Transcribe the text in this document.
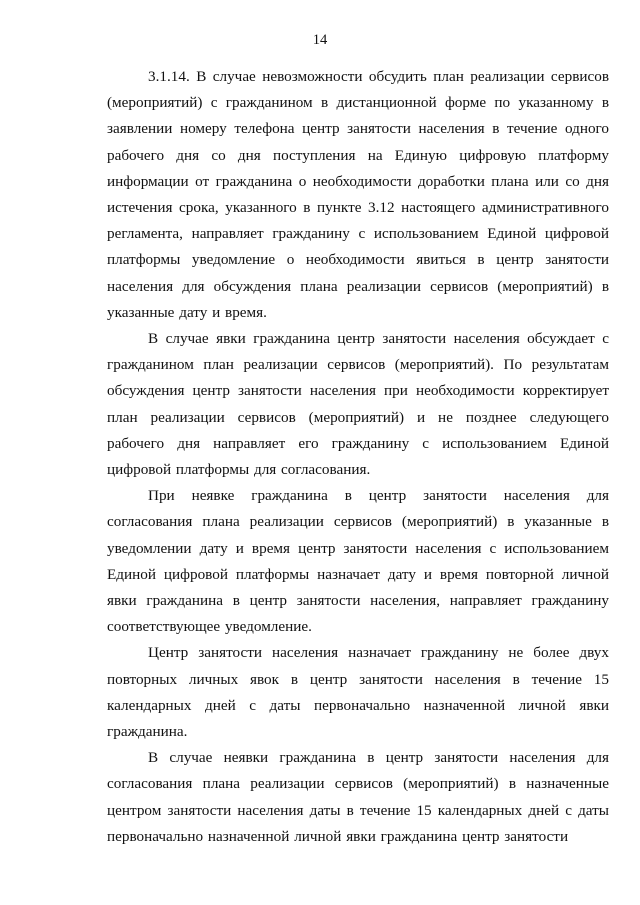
14

3.1.14. В случае невозможности обсудить план реализации сервисов (мероприятий) с гражданином в дистанционной форме по указанному в заявлении номеру телефона центр занятости населения в течение одного рабочего дня со дня поступления на Единую цифровую платформу информации от гражданина о необходимости доработки плана или со дня истечения срока, указанного в пункте 3.12 настоящего административного регламента, направляет гражданину с использованием Единой цифровой платформы уведомление о необходимости явиться в центр занятости населения для обсуждения плана реализации сервисов (мероприятий) в указанные дату и время.

В случае явки гражданина центр занятости населения обсуждает с гражданином план реализации сервисов (мероприятий). По результатам обсуждения центр занятости населения при необходимости корректирует план реализации сервисов (мероприятий) и не позднее следующего рабочего дня направляет его гражданину с использованием Единой цифровой платформы для согласования.

При неявке гражданина в центр занятости населения для согласования плана реализации сервисов (мероприятий) в указанные в уведомлении дату и время центр занятости населения с использованием Единой цифровой платформы назначает дату и время повторной личной явки гражданина в центр занятости населения, направляет гражданину соответствующее уведомление.

Центр занятости населения назначает гражданину не более двух повторных личных явок в центр занятости населения в течение 15 календарных дней с даты первоначально назначенной личной явки гражданина.

В случае неявки гражданина в центр занятости населения для согласования плана реализации сервисов (мероприятий) в назначенные центром занятости населения даты в течение 15 календарных дней с даты первоначально назначенной личной явки гражданина центр занятости
